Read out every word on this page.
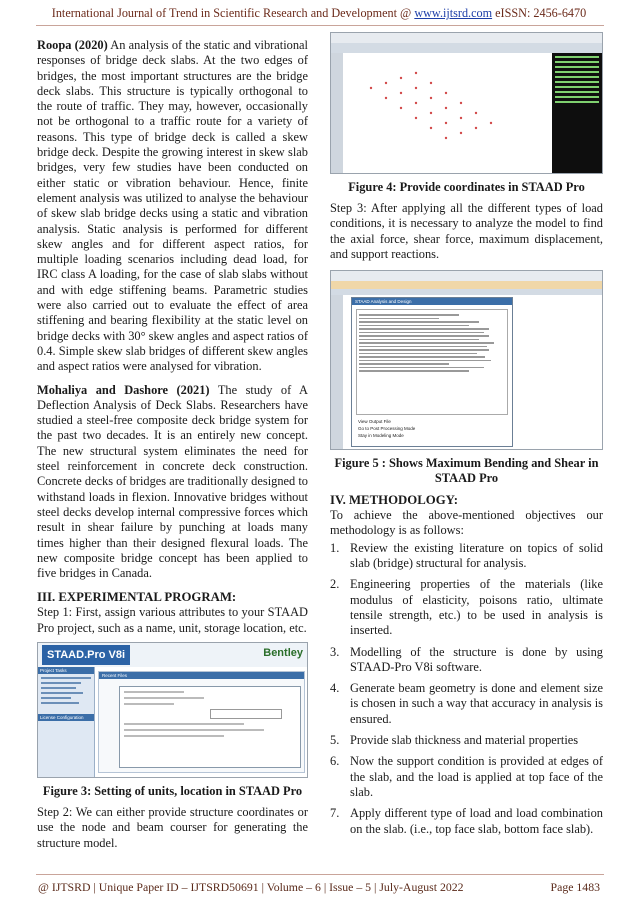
International Journal of Trend in Scientific Research and Development @ www.ijtsrd.com eISSN: 2456-6470

Roopa (2020) An analysis of the static and vibrational responses of bridge deck slabs. At the two edges of bridges, the most important structures are the bridge deck slabs. This structure is typically orthogonal to the route of traffic. They may, however, occasionally not be orthogonal to a traffic route for a variety of reasons. This type of bridge deck is called a skew bridge deck. Despite the growing interest in skew slab bridges, very few studies have been conducted on either static or vibration behaviour. Hence, finite element analysis was utilized to analyse the behaviour of skew slab bridge decks using a static and vibration analysis. Static analysis is performed for different skew angles and for different aspect ratios, for multiple loading scenarios including dead load, for IRC class A loading, for the case of slab slabs without and with edge stiffening beams. Parametric studies were also carried out to evaluate the effect of area stiffening and bearing flexibility at the static level on bridge decks with 30° skew angles and aspect ratios of 0.4. Simple skew slab bridges of different skew angles and aspect ratios were analysed for vibration.

Mohaliya and Dashore (2021) The study of A Deflection Analysis of Deck Slabs. Researchers have studied a steel-free composite deck bridge system for the past two decades. It is an entirely new concept. The new structural system eliminates the need for steel reinforcement in concrete deck construction. Concrete decks of bridges are traditionally designed to withstand loads in flexion. Innovative bridges without steel decks develop internal compressive forces which result in shear failure by punching at loads many times higher than their designed flexural loads. The new composite bridge concept has been applied to five bridges in Canada.

III. EXPERIMENTAL PROGRAM:

Step 1: First, assign various attributes to your STAAD Pro project, such as a name, unit, storage location, etc.

STAAD.Pro V8i	Bentley
Project Tasks
License Configuration
Recent Files

Figure 3: Setting of units, location in STAAD Pro

Step 2: We can either provide structure coordinates or use the node and beam courser for generating the structure model.

Figure 4: Provide coordinates in STAAD Pro

Step 3: After applying all the different types of load conditions, it is necessary to analyze the model to find the axial force, shear force, maximum displacement, and support reactions.

STAAD Analysis and Design
View Output File
Go to Post Processing Mode
Stay in Modeling Mode

Figure 5 : Shows Maximum Bending and Shear in STAAD Pro

IV. METHODOLOGY:

To achieve the above-mentioned objectives our methodology is as follows:

1. Review the existing literature on topics of solid slab (bridge) structural for analysis.
2. Engineering properties of the materials (like modulus of elasticity, poisons ratio, ultimate tensile strength, etc.) to be used in analysis is inserted.
3. Modelling of the structure is done by using STAAD-Pro V8i software.
4. Generate beam geometry is done and element size is chosen in such a way that accuracy in analysis is ensured.
5. Provide slab thickness and material properties
6. Now the support condition is provided at edges of the slab, and the load is applied at top face of the slab.
7. Apply different type of load and load combination on the slab. (i.e., top face slab, bottom face slab).
@ IJTSRD | Unique Paper ID – IJTSRD50691 | Volume – 6 | Issue – 5 | July-August 2022	Page 1483
